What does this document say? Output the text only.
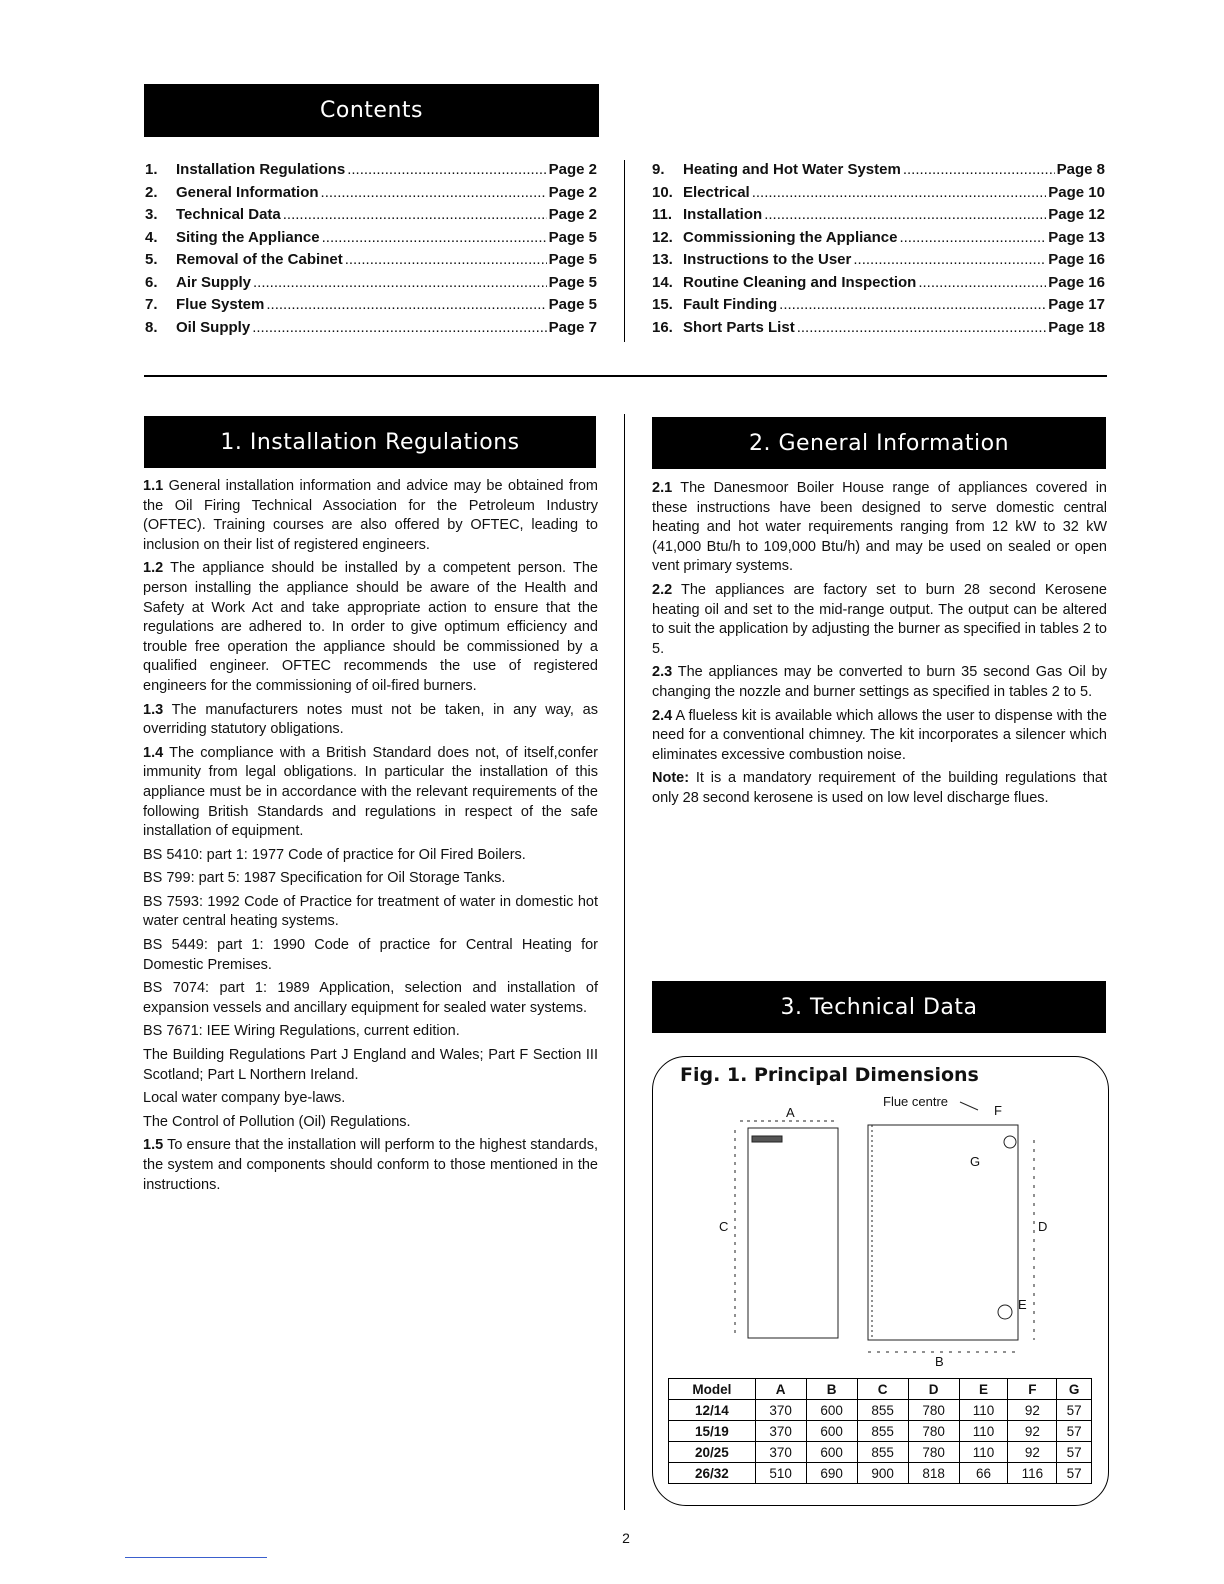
Contents
1.	Installation Regulations .....	Page 2
2.	General Information .....	Page 2
3.	Technical Data .....	Page 2
4.	Siting the Appliance .....	Page 5
5.	Removal of the Cabinet .....	Page 5
6.	Air Supply .....	Page 5
7.	Flue System .....	Page 5
8.	Oil Supply .....	Page 7
9.	Heating and Hot Water System .....	Page 8
10. Electrical .....	Page 10
11. Installation .....	Page 12
12. Commissioning the Appliance .....	Page 13
13. Instructions to the User .....	Page 16
14. Routine Cleaning and Inspection .....	Page 16
15. Fault Finding .....	Page 17
16. Short Parts List .....	Page 18
1. Installation Regulations

1.1 General installation information and advice may be obtained from the Oil Firing Technical Association for the Petroleum Industry (OFTEC). Training courses are also offered by OFTEC, leading to inclusion on their list of registered engineers.

1.2 The appliance should be installed by a competent person. The person installing the appliance should be aware of the Health and Safety at Work Act and take appropriate action to ensure that the regulations are adhered to. In order to give optimum efficiency and trouble free operation the appliance should be commissioned by a qualified engineer. OFTEC recommends the use of registered engineers for the commissioning of oil-fired burners.

1.3 The manufacturers notes must not be taken, in any way, as overriding statutory obligations.

1.4 The compliance with a British Standard does not, of itself,confer immunity from legal obligations. In particular the installation of this appliance must be in accordance with the relevant requirements of the following British Standards and regulations in respect of the safe installation of equipment.

BS 5410: part 1: 1977 Code of practice for Oil Fired Boilers.

BS 799: part 5: 1987 Specification for Oil Storage Tanks.

BS 7593: 1992 Code of Practice for treatment of water in domestic hot water central heating systems.

BS 5449: part 1: 1990 Code of practice for Central Heating for Domestic Premises.

BS 7074: part 1: 1989 Application, selection and installation of expansion vessels and ancillary equipment for sealed water systems.

BS 7671: IEE Wiring Regulations, current edition.

The Building Regulations Part J England and Wales; Part F Section III Scotland; Part L Northern Ireland.

Local water company bye-laws.

The Control of Pollution (Oil) Regulations.

1.5 To ensure that the installation will perform to the highest standards, the system and components should conform to those mentioned in the instructions.

2. General Information

2.1 The Danesmoor Boiler House range of appliances covered in these instructions have been designed to serve domestic central heating and hot water requirements ranging from 12 kW to 32 kW (41,000 Btu/h to 109,000 Btu/h) and may be used on sealed or open vent primary systems.

2.2 The appliances are factory set to burn 28 second Kerosene heating oil and set to the mid-range output. The output can be altered to suit the application by adjusting the burner as specified in tables 2 to 5.

2.3 The appliances may be converted to burn 35 second Gas Oil by changing the nozzle and burner settings as specified in tables 2 to 5.

2.4 A flueless kit is available which allows the user to dispense with the need for a conventional chimney. The kit incorporates a silencer which eliminates excessive combustion noise.

Note: It is a mandatory requirement of the building regulations that only 28 second kerosene is used on low level discharge flues.

3. Technical Data
Fig. 1. Principal Dimensions
A
Flue centre
F
G
C	D
E
B
Model	A	B	C	D	E	F	G
12/14	370	600	855	780	110	92	57
15/19	370	600	855	780	110	92	57
20/25	370	600	855	780	110	92	57
26/32	510	690	900	818	66	116	57
2
